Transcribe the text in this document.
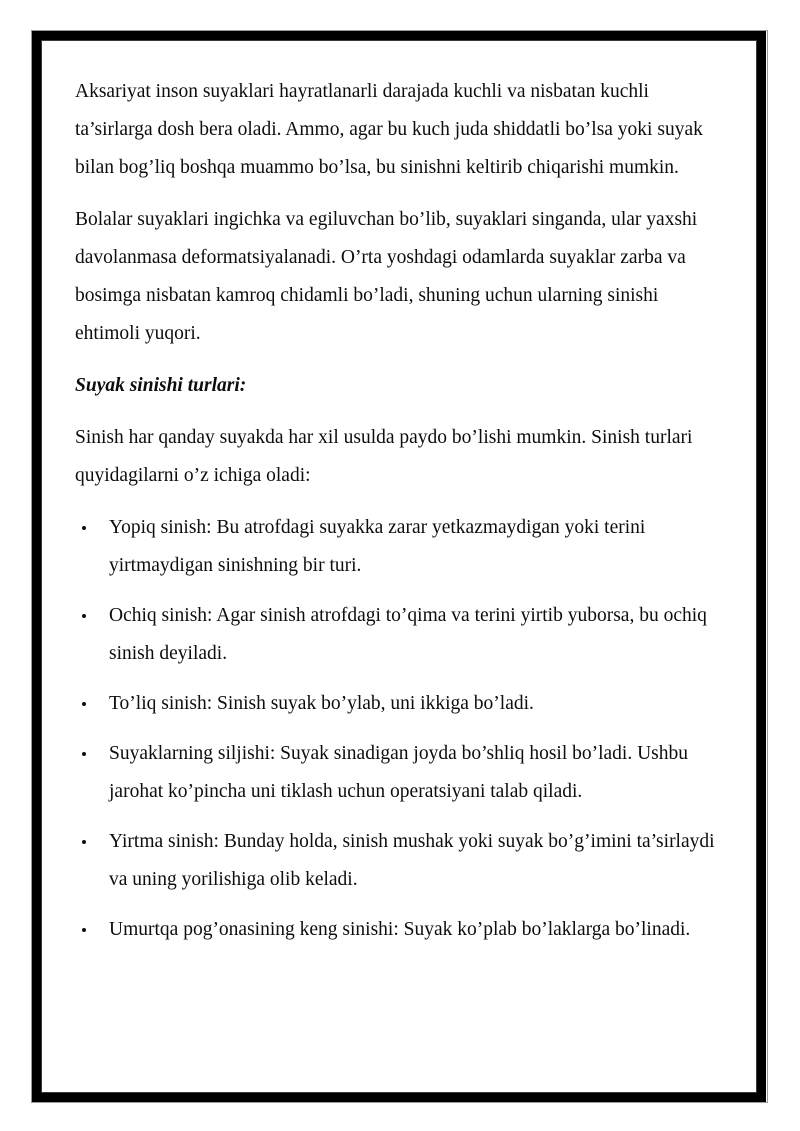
Aksariyat inson suyaklari hayratlanarli darajada kuchli va nisbatan kuchli ta’sirlarga dosh bera oladi. Ammo, agar bu kuch juda shiddatli bo’lsa yoki suyak bilan bog’liq boshqa muammo bo’lsa, bu sinishni keltirib chiqarishi mumkin.

Bolalar suyaklari ingichka va egiluvchan bo’lib, suyaklari singanda, ular yaxshi davolanmasa deformatsiyalanadi. O’rta yoshdagi odamlarda suyaklar zarba va bosimga nisbatan kamroq chidamli bo’ladi, shuning uchun ularning sinishi ehtimoli yuqori.

Suyak sinishi turlari:

Sinish har qanday suyakda har xil usulda paydo bo’lishi mumkin. Sinish turlari quyidagilarni o’z ichiga oladi:

Yopiq sinish: Bu atrofdagi suyakka zarar yetkazmaydigan yoki terini yirtmaydigan sinishning bir turi.
Ochiq sinish: Agar sinish atrofdagi to’qima va terini yirtib yuborsa, bu ochiq sinish deyiladi.
To’liq sinish: Sinish suyak bo’ylab, uni ikkiga bo’ladi.
Suyaklarning siljishi: Suyak sinadigan joyda bo’shliq hosil bo’ladi. Ushbu jarohat ko’pincha uni tiklash uchun operatsiyani talab qiladi.
Yirtma sinish: Bunday holda, sinish mushak yoki suyak bo’g’imini ta’sirlaydi va uning yorilishiga olib keladi.
Umurtqa pog’onasining keng sinishi: Suyak ko’plab bo’laklarga bo’linadi.
